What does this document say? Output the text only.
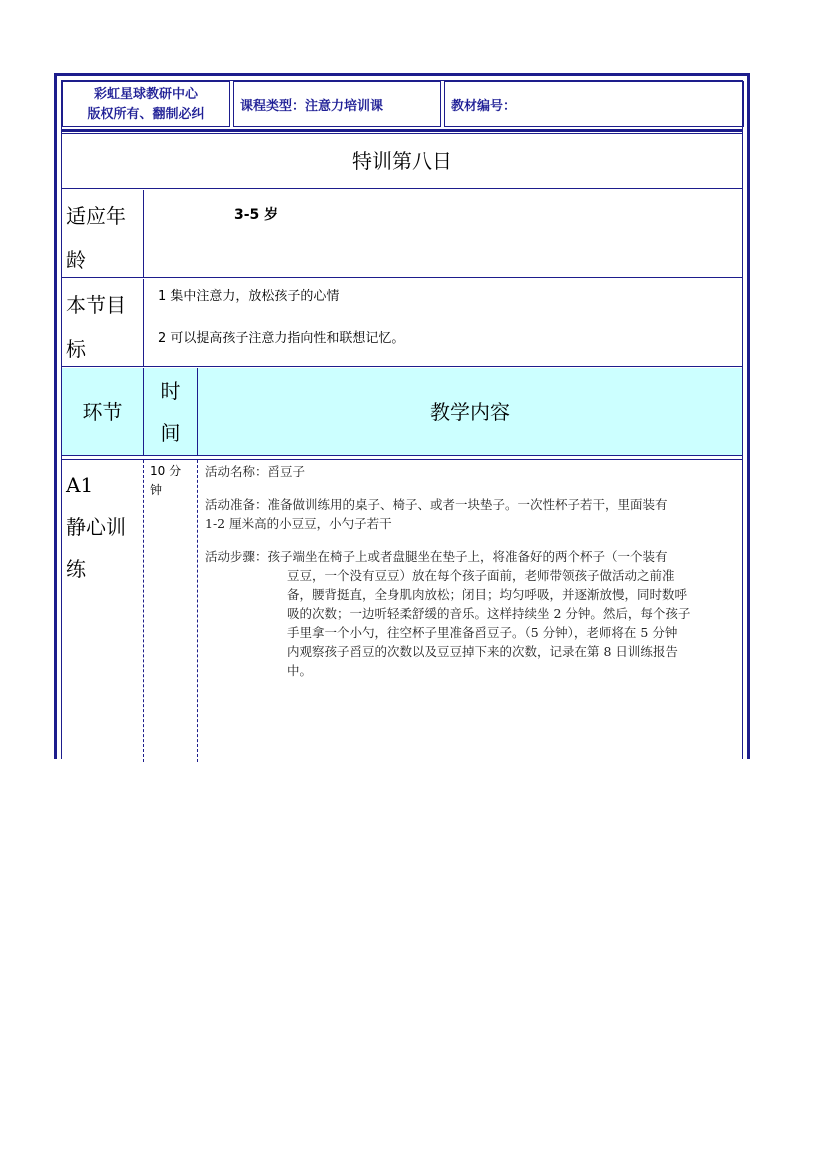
彩虹星球教研中心
版权所有、翻制必纠
课程类型：注意力培训课	教材编号：
特训第八日
适应年
龄
3-5 岁
本节目
标
1 集中注意力，放松孩子的心情
2 可以提高孩子注意力指向性和联想记忆。
环节
时
间
教学内容
A1
静心训
练
10 分
钟

活动名称：舀豆子

活动准备：准备做训练用的桌子、椅子、或者一块垫子。一次性杯子若干，里面装有
1-2 厘米高的小豆豆，小勺子若干

活动步骤：孩子端坐在椅子上或者盘腿坐在垫子上，将准备好的两个杯子（一个装有
豆豆，一个没有豆豆）放在每个孩子面前，老师带领孩子做活动之前准
备，腰背挺直，全身肌肉放松；闭目；均匀呼吸，并逐渐放慢，同时数呼
吸的次数；一边听轻柔舒缓的音乐。这样持续坐 2 分钟。然后，每个孩子
手里拿一个小勺，往空杯子里准备舀豆子。（5 分钟），老师将在 5 分钟
内观察孩子舀豆的次数以及豆豆掉下来的次数，记录在第 8 日训练报告
中。
